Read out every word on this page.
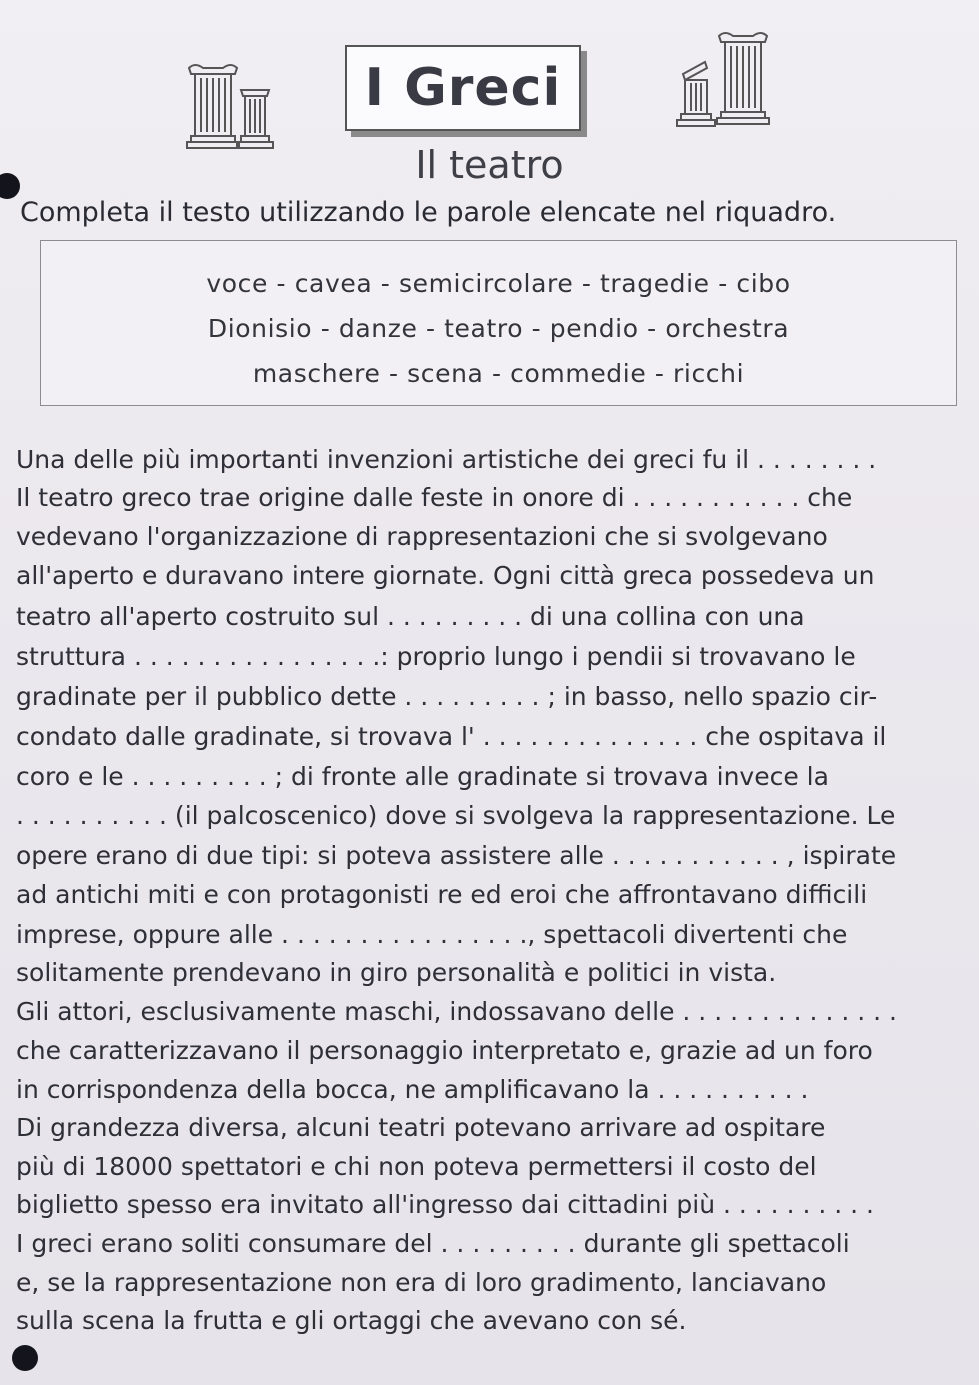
I Greci
Il teatro
Completa il testo utilizzando le parole elencate nel riquadro.
voce - cavea - semicircolare - tragedie - cibo
Dionisio - danze - teatro - pendio - orchestra
maschere - scena - commedie - ricchi
Una delle più importanti invenzioni artistiche dei greci fu il . . . . . . . .
Il teatro greco trae origine dalle feste in onore di . . . . . . . . . . . che
vedevano l'organizzazione di rappresentazioni che si svolgevano
all'aperto e duravano intere giornate. Ogni città greca possedeva un
teatro all'aperto costruito sul . . . . . . . . . di una collina con una
struttura . . . . . . . . . . . . . . . .: proprio lungo i pendii si trovavano le
gradinate per il pubblico dette . . . . . . . . . ; in basso, nello spazio cir-
condato dalle gradinate, si trovava l' . . . . . . . . . . . . . . che ospitava il
coro e le . . . . . . . . . ; di fronte alle gradinate si trovava invece la
. . . . . . . . . . (il palcoscenico) dove si svolgeva la rappresentazione. Le
opere erano di due tipi: si poteva assistere alle . . . . . . . . . . . , ispirate
ad antichi miti e con protagonisti re ed eroi che affrontavano difficili
imprese, oppure alle . . . . . . . . . . . . . . . ., spettacoli divertenti che
solitamente prendevano in giro personalità e politici in vista.
Gli attori, esclusivamente maschi, indossavano delle . . . . . . . . . . . . . .
che caratterizzavano il personaggio interpretato e, grazie ad un foro
in corrispondenza della bocca, ne amplificavano la . . . . . . . . . .
Di grandezza diversa, alcuni teatri potevano arrivare ad ospitare
più di 18000 spettatori e chi non poteva permettersi il costo del
biglietto spesso era invitato all'ingresso dai cittadini più . . . . . . . . . .
I greci erano soliti consumare del . . . . . . . . . durante gli spettacoli
e, se la rappresentazione non era di loro gradimento, lanciavano
sulla scena la frutta e gli ortaggi che avevano con sé.
